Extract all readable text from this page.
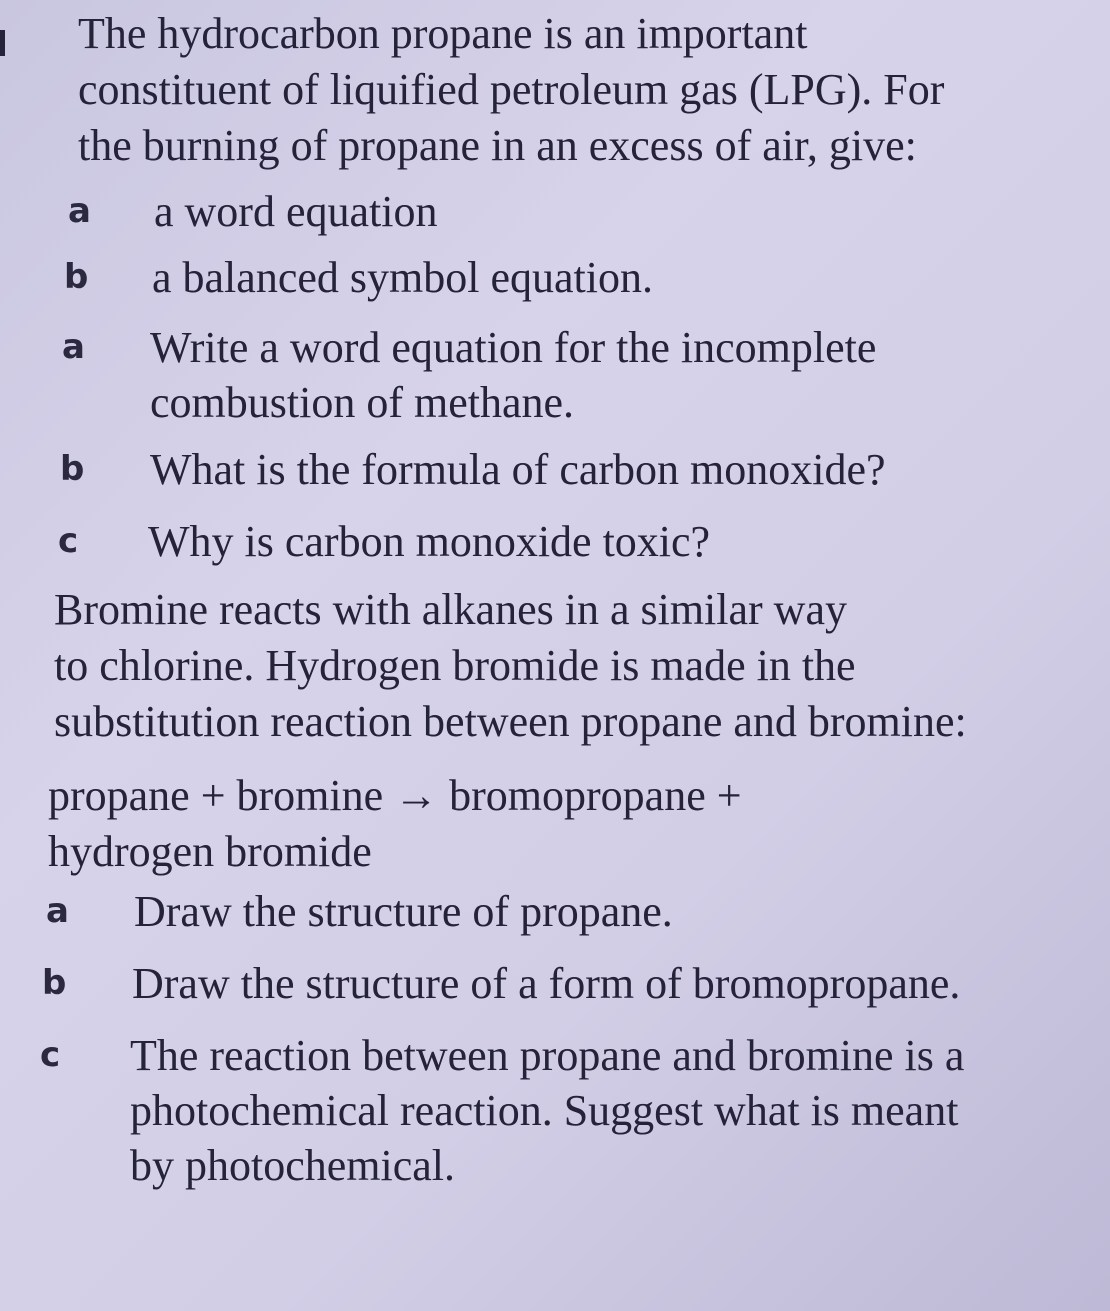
The hydrocarbon propane is an important
constituent of liquified petroleum gas (LPG). For
the burning of propane in an excess of air, give:
a a word equation
b a balanced symbol equation.
a Write a word equation for the incomplete
combustion of methane.
b What is the formula of carbon monoxide?
c Why is carbon monoxide toxic?
Bromine reacts with alkanes in a similar way
to chlorine. Hydrogen bromide is made in the
substitution reaction between propane and bromine:
propane + bromine → bromopropane +
hydrogen bromide
a Draw the structure of propane.
b Draw the structure of a form of bromopropane.
c The reaction between propane and bromine is a
photochemical reaction. Suggest what is meant
by photochemical.
